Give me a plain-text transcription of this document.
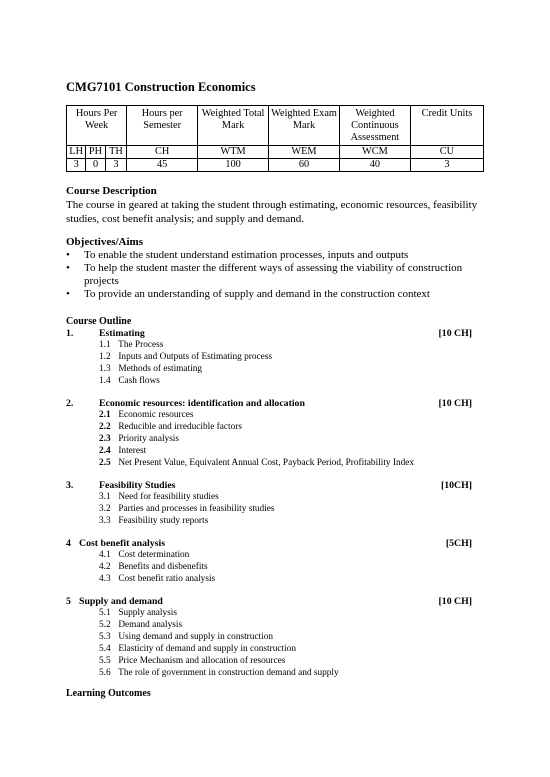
CMG7101 Construction Economics
Hours Per Week			Hours per Semester	Weighted Total Mark	Weighted Exam Mark	Weighted Continuous Assessment	Credit Units
LH	PH	TH	CH	WTM	WEM	WCM	CU
3	0	3	45	100	60	40	3
Course Description
The course in geared at taking the student through estimating, economic resources, feasibility studies, cost benefit analysis; and supply and demand.
Objectives/Aims
• To enable the student understand estimation processes, inputs and outputs
• To help the student master the different ways of assessing the viability of construction projects
• To provide an understanding of supply and demand in the construction context
Course Outline
1.	Estimating	[10 CH]
1.1 The Process
1.2 Inputs and Outputs of Estimating process
1.3 Methods of estimating
1.4 Cash flows
2.	Economic resources: identification and allocation	[10 CH]
2.1 Economic resources
2.2 Reducible and irreducible factors
2.3 Priority analysis
2.4 Interest
2.5 Net Present Value, Equivalent Annual Cost, Payback Period, Profitability Index
3.	Feasibility Studies	[10CH]
3.1 Need for feasibility studies
3.2 Parties and processes in feasibility studies
3.3 Feasibility study reports
4 Cost benefit analysis	[5CH]
4.1 Cost determination
4.2 Benefits and disbenefits
4.3 Cost benefit ratio analysis
5 Supply and demand	[10 CH]
5.1 Supply analysis
5.2 Demand analysis
5.3 Using demand and supply in construction
5.4 Elasticity of demand and supply in construction
5.5 Price Mechanism and allocation of resources
5.6 The role of government in construction demand and supply
Learning Outcomes
